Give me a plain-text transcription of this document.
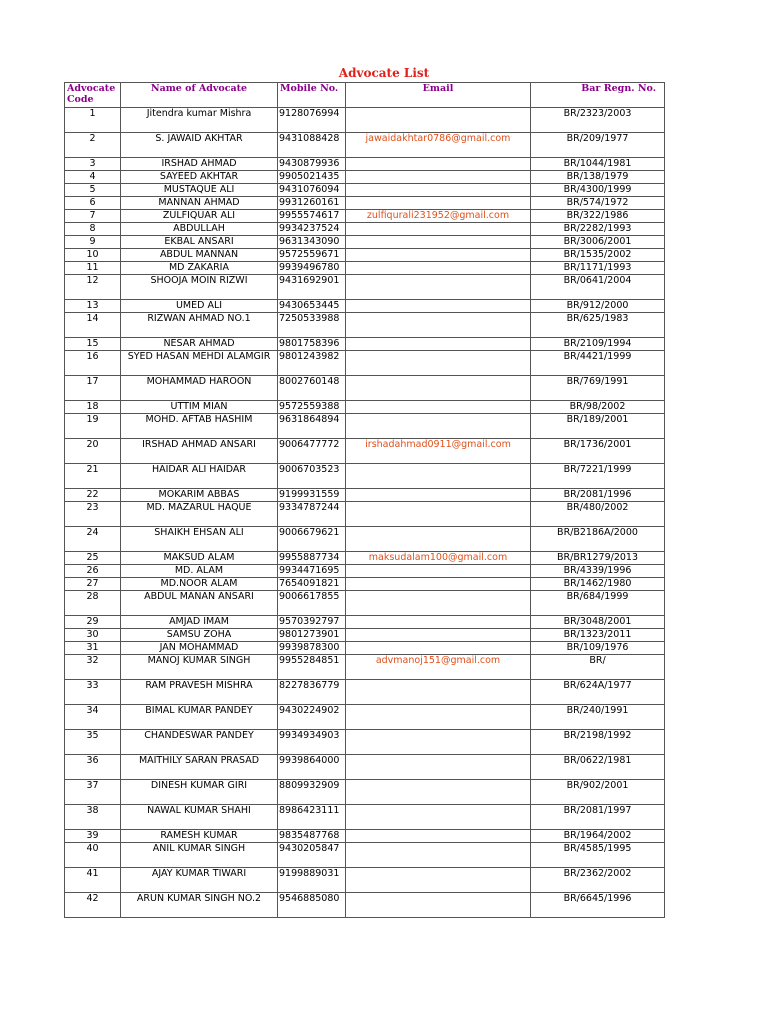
Advocate List
Advocate Code	Name of Advocate	Mobile No.	Email	Bar Regn. No.
1	Jitendra kumar Mishra	9128076994		BR/2323/2003
2	S. JAWAID AKHTAR	9431088428	jawaidakhtar0786@gmail.com	BR/209/1977
3	IRSHAD AHMAD	9430879936		BR/1044/1981
4	SAYEED AKHTAR	9905021435		BR/138/1979
5	MUSTAQUE ALI	9431076094		BR/4300/1999
6	MANNAN AHMAD	9931260161		BR/574/1972
7	ZULFIQUAR ALI	9955574617	zulfiqurali231952@gmail.com	BR/322/1986
8	ABDULLAH	9934237524		BR/2282/1993
9	EKBAL ANSARI	9631343090		BR/3006/2001
10	ABDUL MANNAN	9572559671		BR/1535/2002
11	MD ZAKARIA	9939496780		BR/1171/1993
12	SHOOJA MOIN RIZWI	9431692901		BR/0641/2004
13	UMED ALI	9430653445		BR/912/2000
14	RIZWAN AHMAD NO.1	7250533988		BR/625/1983
15	NESAR AHMAD	9801758396		BR/2109/1994
16	SYED HASAN MEHDI ALAMGIR	9801243982		BR/4421/1999
17	MOHAMMAD HAROON	8002760148		BR/769/1991
18	UTTIM MIAN	9572559388		BR/98/2002
19	MOHD. AFTAB HASHIM	9631864894		BR/189/2001
20	IRSHAD AHMAD ANSARI	9006477772	irshadahmad0911@gmail.com	BR/1736/2001
21	HAIDAR ALI HAIDAR	9006703523		BR/7221/1999
22	MOKARIM ABBAS	9199931559		BR/2081/1996
23	MD. MAZARUL HAQUE	9334787244		BR/480/2002
24	SHAIKH EHSAN ALI	9006679621		BR/B2186A/2000
25	MAKSUD ALAM	9955887734	maksudalam100@gmail.com	BR/BR1279/2013
26	MD. ALAM	9934471695		BR/4339/1996
27	MD.NOOR ALAM	7654091821		BR/1462/1980
28	ABDUL MANAN ANSARI	9006617855		BR/684/1999
29	AMJAD IMAM	9570392797		BR/3048/2001
30	SAMSU ZOHA	9801273901		BR/1323/2011
31	JAN MOHAMMAD	9939878300		BR/109/1976
32	MANOJ KUMAR SINGH	9955284851	advmanoj151@gmail.com	BR/
33	RAM PRAVESH MISHRA	8227836779		BR/624A/1977
34	BIMAL KUMAR PANDEY	9430224902		BR/240/1991
35	CHANDESWAR PANDEY	9934934903		BR/2198/1992
36	MAITHILY SARAN PRASAD	9939864000		BR/0622/1981
37	DINESH KUMAR GIRI	8809932909		BR/902/2001
38	NAWAL KUMAR SHAHI	8986423111		BR/2081/1997
39	RAMESH KUMAR	9835487768		BR/1964/2002
40	ANIL KUMAR SINGH	9430205847		BR/4585/1995
41	AJAY KUMAR TIWARI	9199889031		BR/2362/2002
42	ARUN KUMAR SINGH NO.2	9546885080		BR/6645/1996
